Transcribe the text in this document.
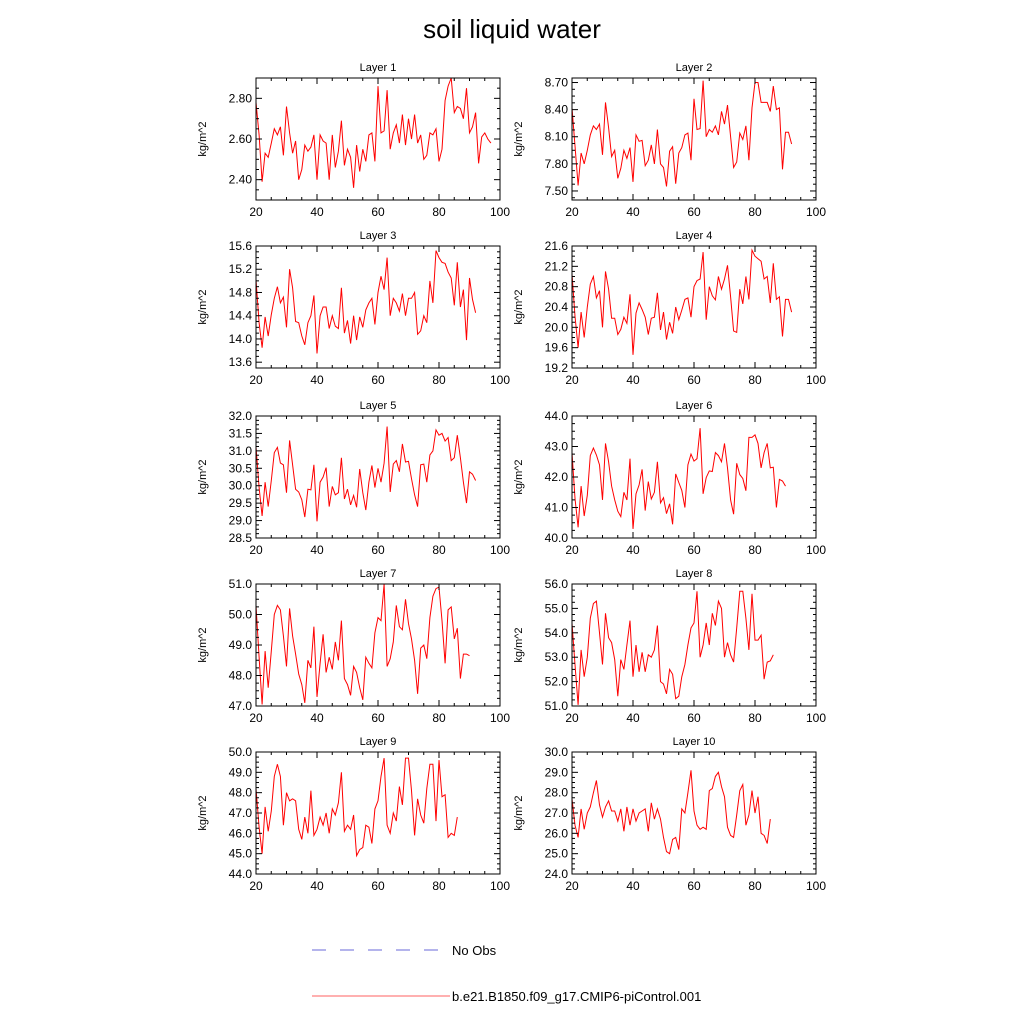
soil liquid water
Layer 1
kg/m^2
20	40	60	80	100
2.40
2.60
2.80
Layer 2
kg/m^2
20	40	60	80	100
7.50
7.80
8.10
8.40
8.70
Layer 3
kg/m^2
20	40	60	80	100
13.6
14.0
14.4
14.8
15.2
15.6
Layer 4
kg/m^2
20	40	60	80	100
19.2
19.6
20.0
20.4
20.8
21.2
21.6
Layer 5
kg/m^2
20	40	60	80	100
28.5
29.0
29.5
30.0
30.5
31.0
31.5
32.0
Layer 6
kg/m^2
20	40	60	80	100
40.0
41.0
42.0
43.0
44.0
Layer 7
kg/m^2
20	40	60	80	100
47.0
48.0
49.0
50.0
51.0
Layer 8
kg/m^2
20	40	60	80	100
51.0
52.0
53.0
54.0
55.0
56.0
Layer 9
kg/m^2
20	40	60	80	100
44.0
45.0
46.0
47.0
48.0
49.0
50.0
Layer 10
kg/m^2
20	40	60	80	100
24.0
25.0
26.0
27.0
28.0
29.0
30.0
No Obs
b.e21.B1850.f09_g17.CMIP6-piControl.001
